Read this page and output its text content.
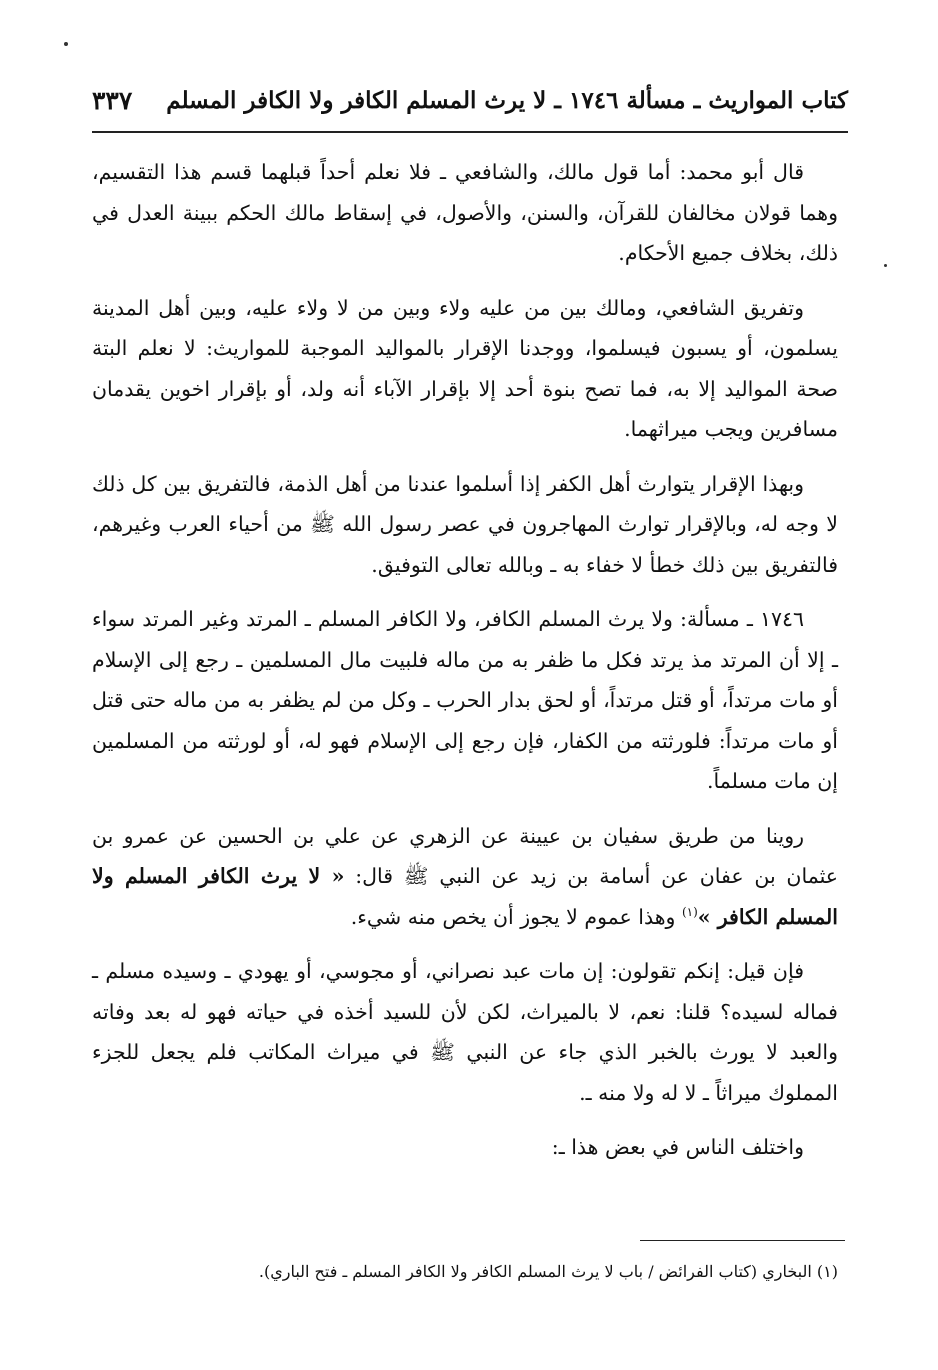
كتاب المواريث ـ مسألة ١٧٤٦ ـ لا يرث المسلم الكافر ولا الكافر المسلم
٣٣٧

قال أبو محمد: أما قول مالك، والشافعي ـ فلا نعلم أحداً قبلهما قسم هذا التقسيم، وهما قولان مخالفان للقرآن، والسنن، والأصول، في إسقاط مالك الحكم ببينة العدل في ذلك، بخلاف جميع الأحكام.

وتفريق الشافعي، ومالك بين من عليه ولاء وبين من لا ولاء عليه، وبين أهل المدينة يسلمون، أو يسبون فيسلموا، ووجدنا الإقرار بالمواليد الموجبة للمواريث: لا نعلم البتة صحة المواليد إلا به، فما تصح بنوة أحد إلا بإقرار الآباء أنه ولد، أو بإقرار اخوين يقدمان مسافرين ويجب ميراثهما.

وبهذا الإقرار يتوارث أهل الكفر إذا أسلموا عندنا من أهل الذمة، فالتفريق بين كل ذلك لا وجه له، وبالإقرار توارث المهاجرون في عصر رسول الله ﷺ من أحياء العرب وغيرهم، فالتفريق بين ذلك خطأ لا خفاء به ـ وبالله تعالى التوفيق.

١٧٤٦ ـ مسألة: ولا يرث المسلم الكافر، ولا الكافر المسلم ـ المرتد وغير المرتد سواء ـ إلا أن المرتد مذ يرتد فكل ما ظفر به من ماله فلبيت مال المسلمين ـ رجع إلى الإسلام أو مات مرتداً، أو قتل مرتداً، أو لحق بدار الحرب ـ وكل من لم يظفر به من ماله حتى قتل أو مات مرتداً: فلورثته من الكفار، فإن رجع إلى الإسلام فهو له، أو لورثته من المسلمين إن مات مسلماً.

روينا من طريق سفيان بن عيينة عن الزهري عن علي بن الحسين عن عمرو بن عثمان بن عفان عن أسامة بن زيد عن النبي ﷺ قال: « لا يرث الكافر المسلم ولا المسلم الكافر »$^{(١)}$ وهذا عموم لا يجوز أن يخص منه شيء.

فإن قيل: إنكم تقولون: إن مات عبد نصراني، أو مجوسي، أو يهودي ـ وسيده مسلم ـ فماله لسيده؟ قلنا: نعم، لا بالميراث، لكن لأن للسيد أخذه في حياته فهو له بعد وفاته والعبد لا يورث بالخبر الذي جاء عن النبي ﷺ في ميراث المكاتب فلم يجعل للجزء المملوك ميراثاً ـ لا له ولا منه ـ.

واختلف الناس في بعض هذا ـ:

(١) البخاري (كتاب الفرائض / باب لا يرث المسلم الكافر ولا الكافر المسلم ـ فتح الباري).
